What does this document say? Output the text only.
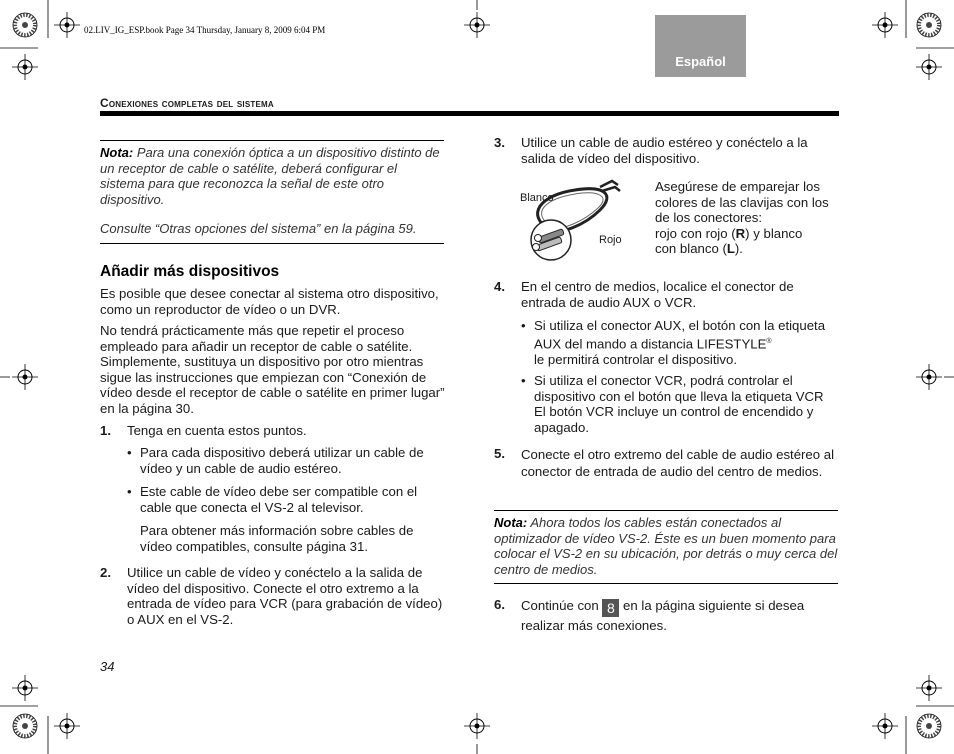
02.LIV_IG_ESP.book Page 34 Thursday, January 8, 2009 6:04 PM
Español
Conexiones completas del sistema

Nota: Para una conexión óptica a un dispositivo distinto de un receptor de cable o satélite, deberá configurar el sistema para que reconozca la señal de este otro dispositivo.

Consulte “Otras opciones del sistema” en la página 59.

Añadir más dispositivos
Es posible que desee conectar al sistema otro dispositivo, como un reproductor de vídeo o un DVR.
No tendrá prácticamente más que repetir el proceso empleado para añadir un receptor de cable o satélite. Simplemente, sustituya un dispositivo por otro mientras sigue las instrucciones que empiezan con “Conexión de vídeo desde el receptor de cable o satélite en primer lugar” en la página 30.
1. Tenga en cuenta estos puntos.
• Para cada dispositivo deberá utilizar un cable de vídeo y un cable de audio estéreo.
• Este cable de vídeo debe ser compatible con el cable que conecta el VS-2 al televisor.
Para obtener más información sobre cables de vídeo compatibles, consulte página 31.
2. Utilice un cable de vídeo y conéctelo a la salida de vídeo del dispositivo. Conecte el otro extremo a la entrada de vídeo para VCR (para grabación de vídeo) o AUX en el VS-2.
34
3. Utilice un cable de audio estéreo y conéctelo a la salida de vídeo del dispositivo.
Blanco
Rojo
Asegúrese de emparejar los colores de las clavijas con los de los conectores:
rojo con rojo (R) y blanco
con blanco (L).
4. En el centro de medios, localice el conector de entrada de audio AUX o VCR.
• Si utiliza el conector AUX, el botón con la etiqueta AUX del mando a distancia LIFESTYLE®
le permitirá controlar el dispositivo.
• Si utiliza el conector VCR, podrá controlar el dispositivo con el botón que lleva la etiqueta VCR El botón VCR incluye un control de encendido y apagado.
5. Conecte el otro extremo del cable de audio estéreo al conector de entrada de audio del centro de medios.

Nota: Ahora todos los cables están conectados al optimizador de vídeo VS-2. Éste es un buen momento para colocar el VS-2 en su ubicación, por detrás o muy cerca del centro de medios.

6. Continúe con 8 en la página siguiente si desea realizar más conexiones.
